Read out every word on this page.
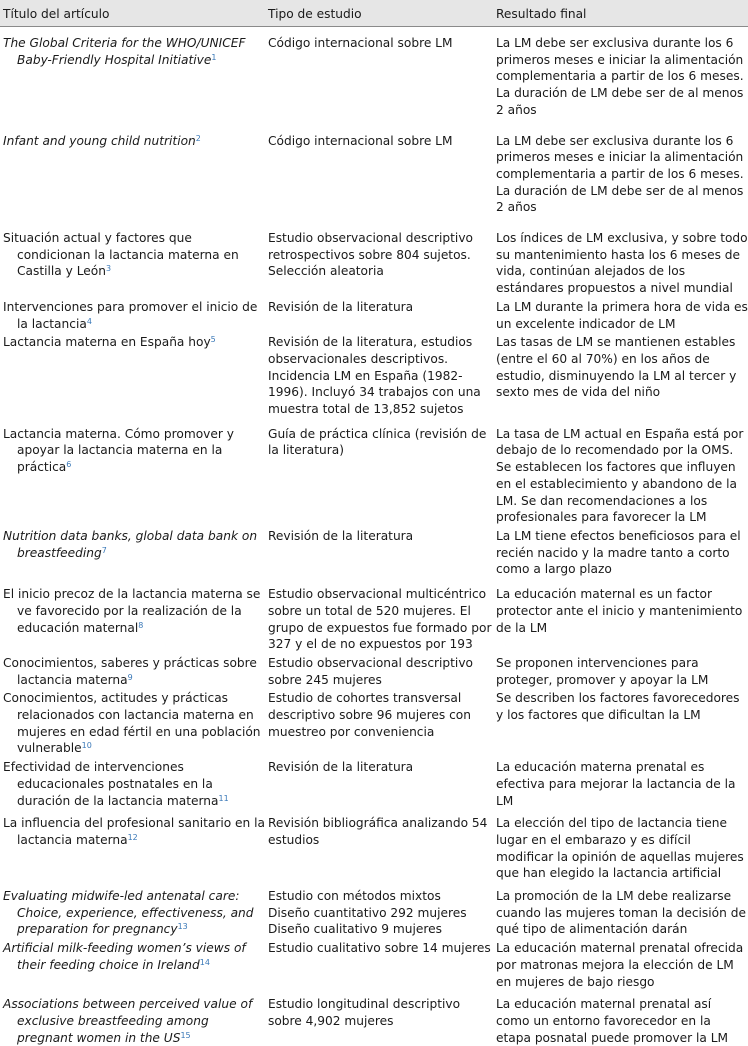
Título del artículo	Tipo de estudio	Resultado final

The Global Criteria for the WHO/UNICEF Baby-Friendly Hospital Initiative$^1$	Código internacional sobre LM	La LM debe ser exclusiva durante los 6 primeros meses e iniciar la alimentación complementaria a partir de los 6 meses. La duración de LM debe ser de al menos 2 años

Infant and young child nutrition$^2$	Código internacional sobre LM	La LM debe ser exclusiva durante los 6 primeros meses e iniciar la alimentación complementaria a partir de los 6 meses. La duración de LM debe ser de al menos 2 años

Situación actual y factores que condicionan la lactancia materna en Castilla y León$^3$	Estudio observacional descriptivo retrospectivos sobre 804 sujetos. Selección aleatoria	Los índices de LM exclusiva, y sobre todo su mantenimiento hasta los 6 meses de vida, continúan alejados de los estándares propuestos a nivel mundial

Intervenciones para promover el inicio de la lactancia$^4$	Revisión de la literatura	La LM durante la primera hora de vida es un excelente indicador de LM

Lactancia materna en España hoy$^5$	Revisión de la literatura, estudios observacionales descriptivos. Incidencia LM en España (1982-1996). Incluyó 34 trabajos con una muestra total de 13,852 sujetos	Las tasas de LM se mantienen estables (entre el 60 al 70%) en los años de estudio, disminuyendo la LM al tercer y sexto mes de vida del niño

Lactancia materna. Cómo promover y apoyar la lactancia materna en la práctica$^6$	Guía de práctica clínica (revisión de la literatura)	La tasa de LM actual en España está por debajo de lo recomendado por la OMS. Se establecen los factores que influyen en el establecimiento y abandono de la LM. Se dan recomendaciones a los profesionales para favorecer la LM

Nutrition data banks, global data bank on breastfeeding$^7$	Revisión de la literatura	La LM tiene efectos beneficiosos para el recién nacido y la madre tanto a corto como a largo plazo

El inicio precoz de la lactancia materna se ve favorecido por la realización de la educación maternal$^8$	Estudio observacional multicéntrico sobre un total de 520 mujeres. El grupo de expuestos fue formado por 327 y el de no expuestos por 193	La educación maternal es un factor protector ante el inicio y mantenimiento de la LM

Conocimientos, saberes y prácticas sobre lactancia materna$^9$	Estudio observacional descriptivo sobre 245 mujeres	Se proponen intervenciones para proteger, promover y apoyar la LM

Conocimientos, actitudes y prácticas relacionados con lactancia materna en mujeres en edad fértil en una población vulnerable$^{10}$	Estudio de cohortes transversal descriptivo sobre 96 mujeres con muestreo por conveniencia	Se describen los factores favorecedores y los factores que dificultan la LM

Efectividad de intervenciones educacionales postnatales en la duración de la lactancia materna$^{11}$	Revisión de la literatura	La educación materna prenatal es efectiva para mejorar la lactancia de la LM

La influencia del profesional sanitario en la lactancia materna$^{12}$	Revisión bibliográfica analizando 54 estudios	La elección del tipo de lactancia tiene lugar en el embarazo y es difícil modificar la opinión de aquellas mujeres que han elegido la lactancia artificial

Evaluating midwife-led antenatal care: Choice, experience, effectiveness, and preparation for pregnancy$^{13}$	Estudio con métodos mixtos
Diseño cuantitativo 292 mujeres
Diseño cualitativo 9 mujeres	La promoción de la LM debe realizarse cuando las mujeres toman la decisión de qué tipo de alimentación darán

Artificial milk-feeding women’s views of their feeding choice in Ireland$^{14}$	Estudio cualitativo sobre 14 mujeres	La educación maternal prenatal ofrecida por matronas mejora la elección de LM en mujeres de bajo riesgo

Associations between perceived value of exclusive breastfeeding among pregnant women in the US$^{15}$	Estudio longitudinal descriptivo sobre 4,902 mujeres	La educación maternal prenatal así como un entorno favorecedor en la etapa posnatal puede promover la LM
